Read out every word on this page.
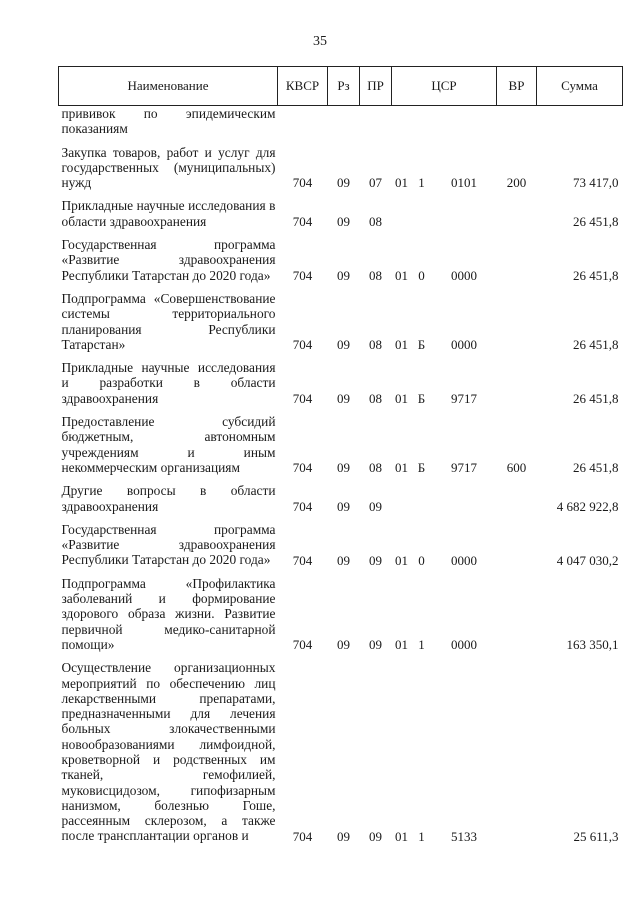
35
Наименование	КВСР	Рз	ПР	ЦСР			ВР	Сумма
прививок по эпидемическим показаниям								
Закупка товаров, работ и услуг для государственных (муниципальных) нужд	704	09	07	01	1	0101	200	73 417,0
Прикладные научные исследования в области здравоохранения	704	09	08					26 451,8
Государственная программа «Развитие здравоохранения Республики Татарстан до 2020 года»	704	09	08	01	0	0000		26 451,8
Подпрограмма «Совершенствование системы территориального планирования Республики Татарстан»	704	09	08	01	Б	0000		26 451,8
Прикладные научные исследования и разработки в области здравоохранения	704	09	08	01	Б	9717		26 451,8
Предоставление субсидий бюджетным, автономным учреждениям и иным некоммерческим организациям	704	09	08	01	Б	9717	600	26 451,8
Другие вопросы в области здравоохранения	704	09	09					4 682 922,8
Государственная программа «Развитие здравоохранения Республики Татарстан до 2020 года»	704	09	09	01	0	0000		4 047 030,2
Подпрограмма «Профилактика заболеваний и формирование здорового образа жизни. Развитие первичной медико-санитарной помощи»	704	09	09	01	1	0000		163 350,1
Осуществление организационных мероприятий по обеспечению лиц лекарственными препаратами, предназначенными для лечения больных злокачественными новообразованиями лимфоидной, кроветворной и родственных им тканей, гемофилией, муковисцидозом, гипофизарным нанизмом, болезнью Гоше, рассеянным склерозом, а также после трансплантации органов и	704	09	09	01	1	5133		25 611,3
